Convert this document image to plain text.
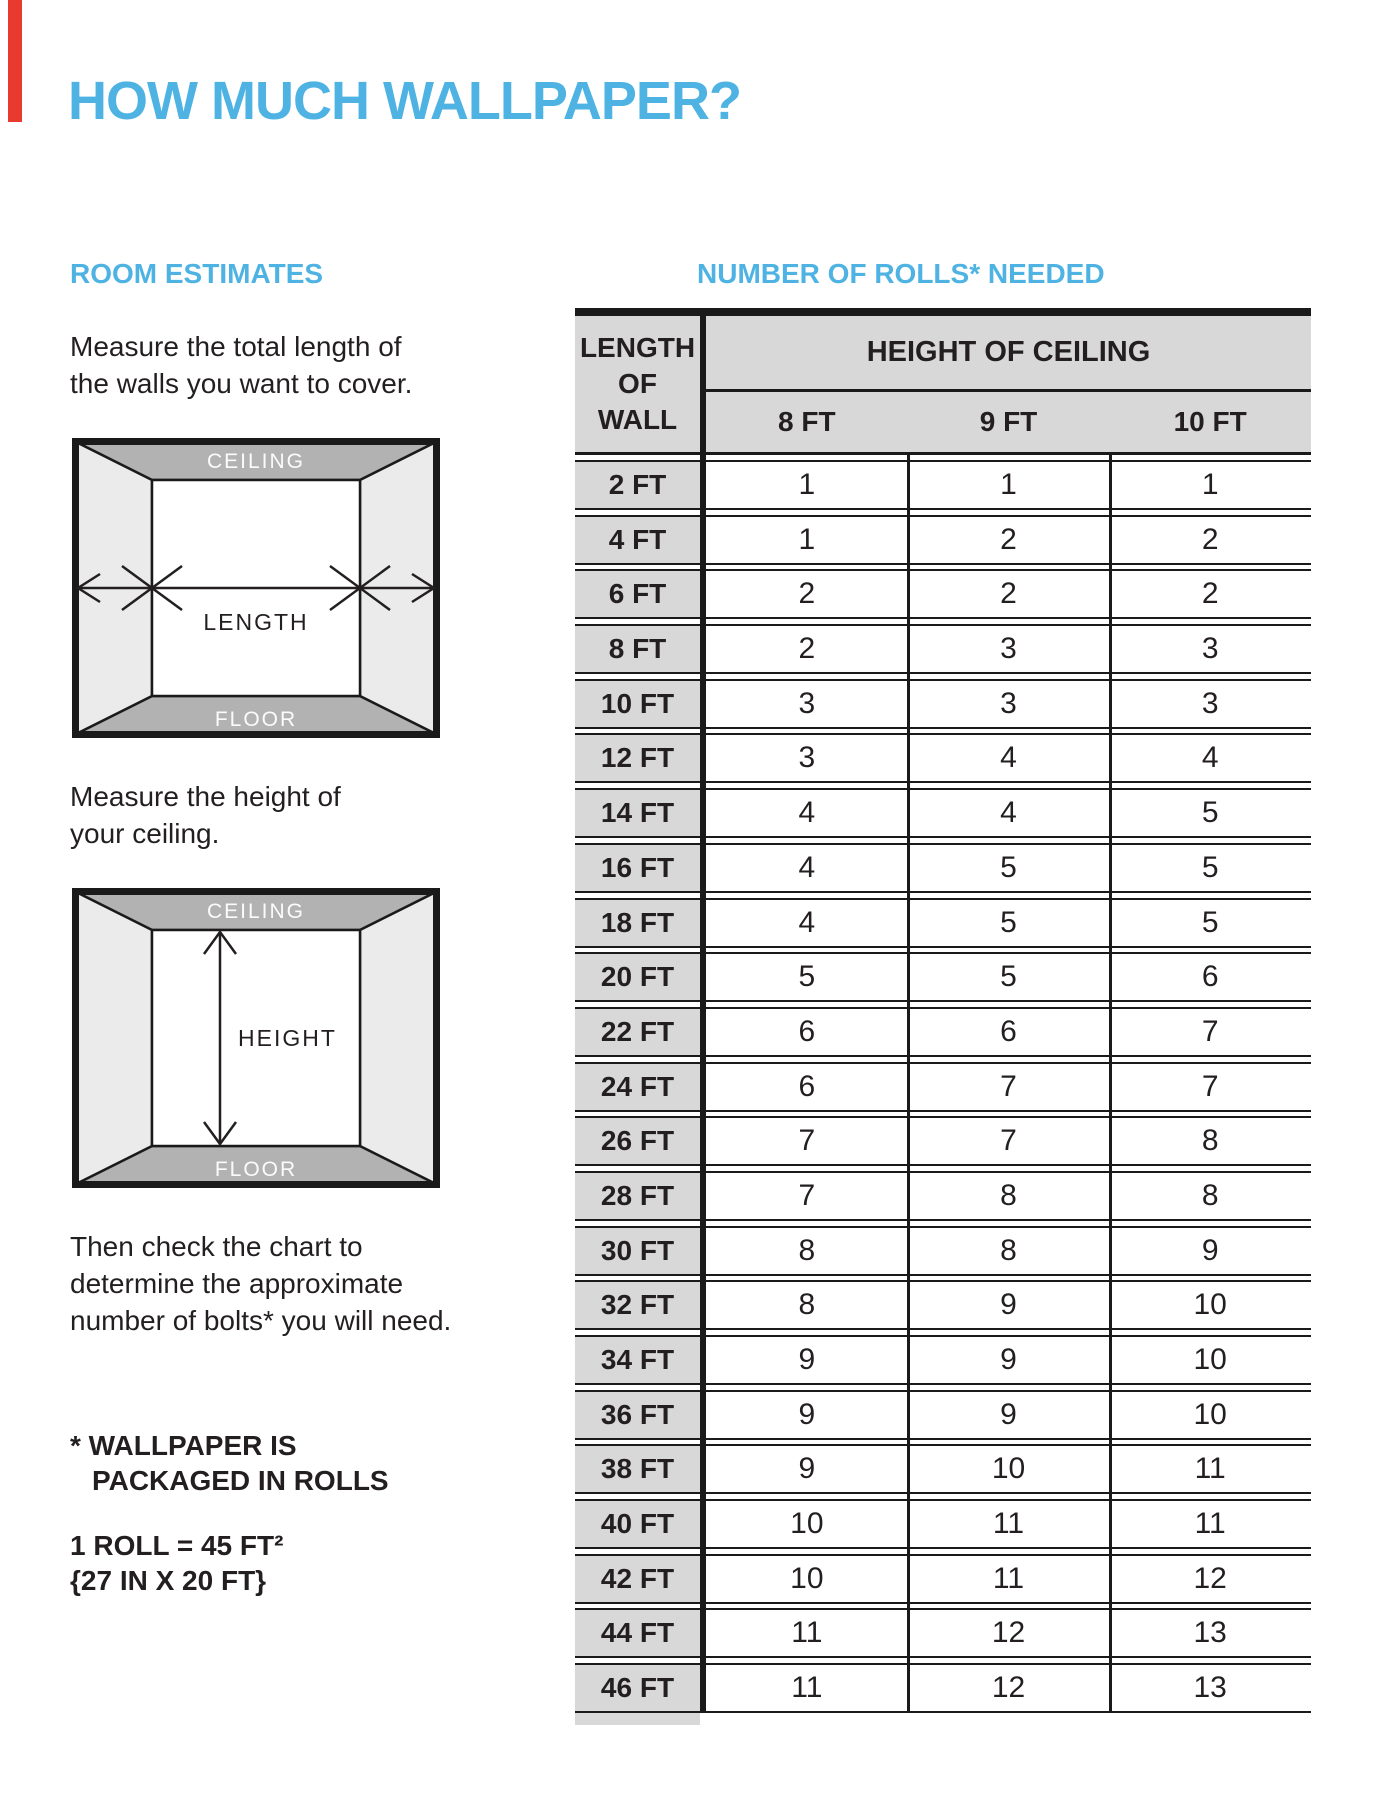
HOW MUCH WALLPAPER?
ROOM ESTIMATES	NUMBER OF ROLLS* NEEDED
Measure the total length of
the walls you want to cover.
CEILING
FLOOR
LENGTH
Measure the height of
your ceiling.
CEILING
FLOOR
HEIGHT
Then check the chart to
determine the approximate
number of bolts* you will need.
* WALLPAPER IS
PACKAGED IN ROLLS
1 ROLL = 45 FT²
{27 IN X 20 FT}
LENGTH
OF WALL
HEIGHT OF CEILING
8 FT	9 FT	10 FT
2 FT	1	1	1
4 FT	1	2	2
6 FT	2	2	2
8 FT	2	3	3
10 FT	3	3	3
12 FT	3	4	4
14 FT	4	4	5
16 FT	4	5	5
18 FT	4	5	5
20 FT	5	5	6
22 FT	6	6	7
24 FT	6	7	7
26 FT	7	7	8
28 FT	7	8	8
30 FT	8	8	9
32 FT	8	9	10
34 FT	9	9	10
36 FT	9	9	10
38 FT	9	10	11
40 FT	10	11	11
42 FT	10	11	12
44 FT	11	12	13
46 FT	11	12	13
